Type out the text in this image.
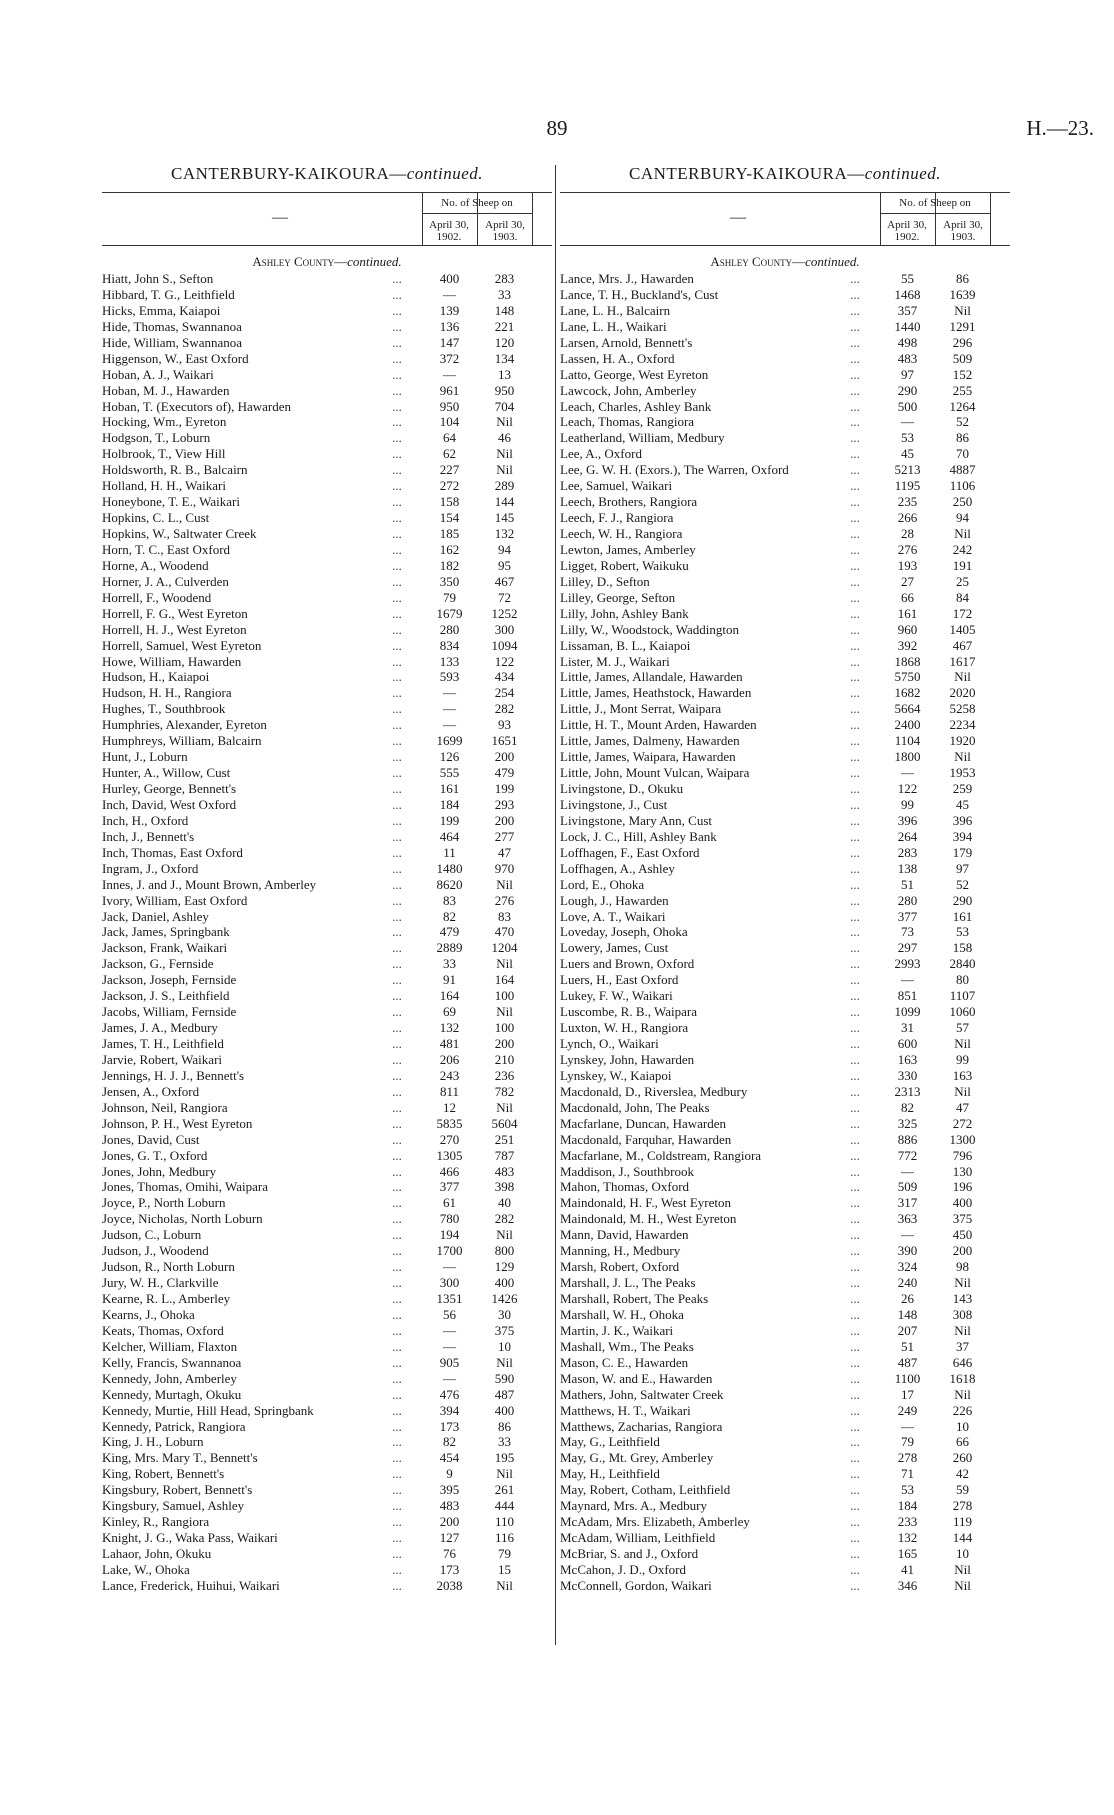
89	H.—23.
CANTERBURY-KAIKOURA—continued.
—
No. of Sheep on
April 30, 1902.
April 30, 1903.
Ashley County—continued.
Hiatt, John S., Sefton	...	400	283
Hibbard, T. G., Leithfield	...	—	33
Hicks, Emma, Kaiapoi	...	139	148
Hide, Thomas, Swannanoa	...	136	221
Hide, William, Swannanoa	...	147	120
Higgenson, W., East Oxford	...	372	134
Hoban, A. J., Waikari	...	—	13
Hoban, M. J., Hawarden	...	961	950
Hoban, T. (Executors of), Hawarden	...	950	704
Hocking, Wm., Eyreton	...	104	Nil
Hodgson, T., Loburn	...	64	46
Holbrook, T., View Hill	...	62	Nil
Holdsworth, R. B., Balcairn	...	227	Nil
Holland, H. H., Waikari	...	272	289
Honeybone, T. E., Waikari	...	158	144
Hopkins, C. L., Cust	...	154	145
Hopkins, W., Saltwater Creek	...	185	132
Horn, T. C., East Oxford	...	162	94
Horne, A., Woodend	...	182	95
Horner, J. A., Culverden	...	350	467
Horrell, F., Woodend	...	79	72
Horrell, F. G., West Eyreton	...	1679	1252
Horrell, H. J., West Eyreton	...	280	300
Horrell, Samuel, West Eyreton	...	834	1094
Howe, William, Hawarden	...	133	122
Hudson, H., Kaiapoi	...	593	434
Hudson, H. H., Rangiora	...	—	254
Hughes, T., Southbrook	...	—	282
Humphries, Alexander, Eyreton	...	—	93
Humphreys, William, Balcairn	...	1699	1651
Hunt, J., Loburn	...	126	200
Hunter, A., Willow, Cust	...	555	479
Hurley, George, Bennett's	...	161	199
Inch, David, West Oxford	...	184	293
Inch, H., Oxford	...	199	200
Inch, J., Bennett's	...	464	277
Inch, Thomas, East Oxford	...	11	47
Ingram, J., Oxford	...	1480	970
Innes, J. and J., Mount Brown, Amberley	...	8620	Nil
Ivory, William, East Oxford	...	83	276
Jack, Daniel, Ashley	...	82	83
Jack, James, Springbank	...	479	470
Jackson, Frank, Waikari	...	2889	1204
Jackson, G., Fernside	...	33	Nil
Jackson, Joseph, Fernside	...	91	164
Jackson, J. S., Leithfield	...	164	100
Jacobs, William, Fernside	...	69	Nil
James, J. A., Medbury	...	132	100
James, T. H., Leithfield	...	481	200
Jarvie, Robert, Waikari	...	206	210
Jennings, H. J. J., Bennett's	...	243	236
Jensen, A., Oxford	...	811	782
Johnson, Neil, Rangiora	...	12	Nil
Johnson, P. H., West Eyreton	...	5835	5604
Jones, David, Cust	...	270	251
Jones, G. T., Oxford	...	1305	787
Jones, John, Medbury	...	466	483
Jones, Thomas, Omihi, Waipara	...	377	398
Joyce, P., North Loburn	...	61	40
Joyce, Nicholas, North Loburn	...	780	282
Judson, C., Loburn	...	194	Nil
Judson, J., Woodend	...	1700	800
Judson, R., North Loburn	...	—	129
Jury, W. H., Clarkville	...	300	400
Kearne, R. L., Amberley	...	1351	1426
Kearns, J., Ohoka	...	56	30
Keats, Thomas, Oxford	...	—	375
Kelcher, William, Flaxton	...	—	10
Kelly, Francis, Swannanoa	...	905	Nil
Kennedy, John, Amberley	...	—	590
Kennedy, Murtagh, Okuku	...	476	487
Kennedy, Murtie, Hill Head, Springbank	...	394	400
Kennedy, Patrick, Rangiora	...	173	86
King, J. H., Loburn	...	82	33
King, Mrs. Mary T., Bennett's	...	454	195
King, Robert, Bennett's	...	9	Nil
Kingsbury, Robert, Bennett's	...	395	261
Kingsbury, Samuel, Ashley	...	483	444
Kinley, R., Rangiora	...	200	110
Knight, J. G., Waka Pass, Waikari	...	127	116
Lahaor, John, Okuku	...	76	79
Lake, W., Ohoka	...	173	15
Lance, Frederick, Huihui, Waikari	...	2038	Nil
CANTERBURY-KAIKOURA—continued.
—
No. of Sheep on
April 30, 1902.
April 30, 1903.
Ashley County—continued.
Lance, Mrs. J., Hawarden	...	55	86
Lance, T. H., Buckland's, Cust	...	1468	1639
Lane, L. H., Balcairn	...	357	Nil
Lane, L. H., Waikari	...	1440	1291
Larsen, Arnold, Bennett's	...	498	296
Lassen, H. A., Oxford	...	483	509
Latto, George, West Eyreton	...	97	152
Lawcock, John, Amberley	...	290	255
Leach, Charles, Ashley Bank	...	500	1264
Leach, Thomas, Rangiora	...	—	52
Leatherland, William, Medbury	...	53	86
Lee, A., Oxford	...	45	70
Lee, G. W. H. (Exors.), The Warren, Oxford	...	5213	4887
Lee, Samuel, Waikari	...	1195	1106
Leech, Brothers, Rangiora	...	235	250
Leech, F. J., Rangiora	...	266	94
Leech, W. H., Rangiora	...	28	Nil
Lewton, James, Amberley	...	276	242
Ligget, Robert, Waikuku	...	193	191
Lilley, D., Sefton	...	27	25
Lilley, George, Sefton	...	66	84
Lilly, John, Ashley Bank	...	161	172
Lilly, W., Woodstock, Waddington	...	960	1405
Lissaman, B. L., Kaiapoi	...	392	467
Lister, M. J., Waikari	...	1868	1617
Little, James, Allandale, Hawarden	...	5750	Nil
Little, James, Heathstock, Hawarden	...	1682	2020
Little, J., Mont Serrat, Waipara	...	5664	5258
Little, H. T., Mount Arden, Hawarden	...	2400	2234
Little, James, Dalmeny, Hawarden	...	1104	1920
Little, James, Waipara, Hawarden	...	1800	Nil
Little, John, Mount Vulcan, Waipara	...	—	1953
Livingstone, D., Okuku	...	122	259
Livingstone, J., Cust	...	99	45
Livingstone, Mary Ann, Cust	...	396	396
Lock, J. C., Hill, Ashley Bank	...	264	394
Loffhagen, F., East Oxford	...	283	179
Loffhagen, A., Ashley	...	138	97
Lord, E., Ohoka	...	51	52
Lough, J., Hawarden	...	280	290
Love, A. T., Waikari	...	377	161
Loveday, Joseph, Ohoka	...	73	53
Lowery, James, Cust	...	297	158
Luers and Brown, Oxford	...	2993	2840
Luers, H., East Oxford	...	—	80
Lukey, F. W., Waikari	...	851	1107
Luscombe, R. B., Waipara	...	1099	1060
Luxton, W. H., Rangiora	...	31	57
Lynch, O., Waikari	...	600	Nil
Lynskey, John, Hawarden	...	163	99
Lynskey, W., Kaiapoi	...	330	163
Macdonald, D., Riverslea, Medbury	...	2313	Nil
Macdonald, John, The Peaks	...	82	47
Macfarlane, Duncan, Hawarden	...	325	272
Macdonald, Farquhar, Hawarden	...	886	1300
Macfarlane, M., Coldstream, Rangiora	...	772	796
Maddison, J., Southbrook	...	—	130
Mahon, Thomas, Oxford	...	509	196
Maindonald, H. F., West Eyreton	...	317	400
Maindonald, M. H., West Eyreton	...	363	375
Mann, David, Hawarden	...	—	450
Manning, H., Medbury	...	390	200
Marsh, Robert, Oxford	...	324	98
Marshall, J. L., The Peaks	...	240	Nil
Marshall, Robert, The Peaks	...	26	143
Marshall, W. H., Ohoka	...	148	308
Martin, J. K., Waikari	...	207	Nil
Mashall, Wm., The Peaks	...	51	37
Mason, C. E., Hawarden	...	487	646
Mason, W. and E., Hawarden	...	1100	1618
Mathers, John, Saltwater Creek	...	17	Nil
Matthews, H. T., Waikari	...	249	226
Matthews, Zacharias, Rangiora	...	—	10
May, G., Leithfield	...	79	66
May, G., Mt. Grey, Amberley	...	278	260
May, H., Leithfield	...	71	42
May, Robert, Cotham, Leithfield	...	53	59
Maynard, Mrs. A., Medbury	...	184	278
McAdam, Mrs. Elizabeth, Amberley	...	233	119
McAdam, William, Leithfield	...	132	144
McBriar, S. and J., Oxford	...	165	10
McCahon, J. D., Oxford	...	41	Nil
McConnell, Gordon, Waikari	...	346	Nil
